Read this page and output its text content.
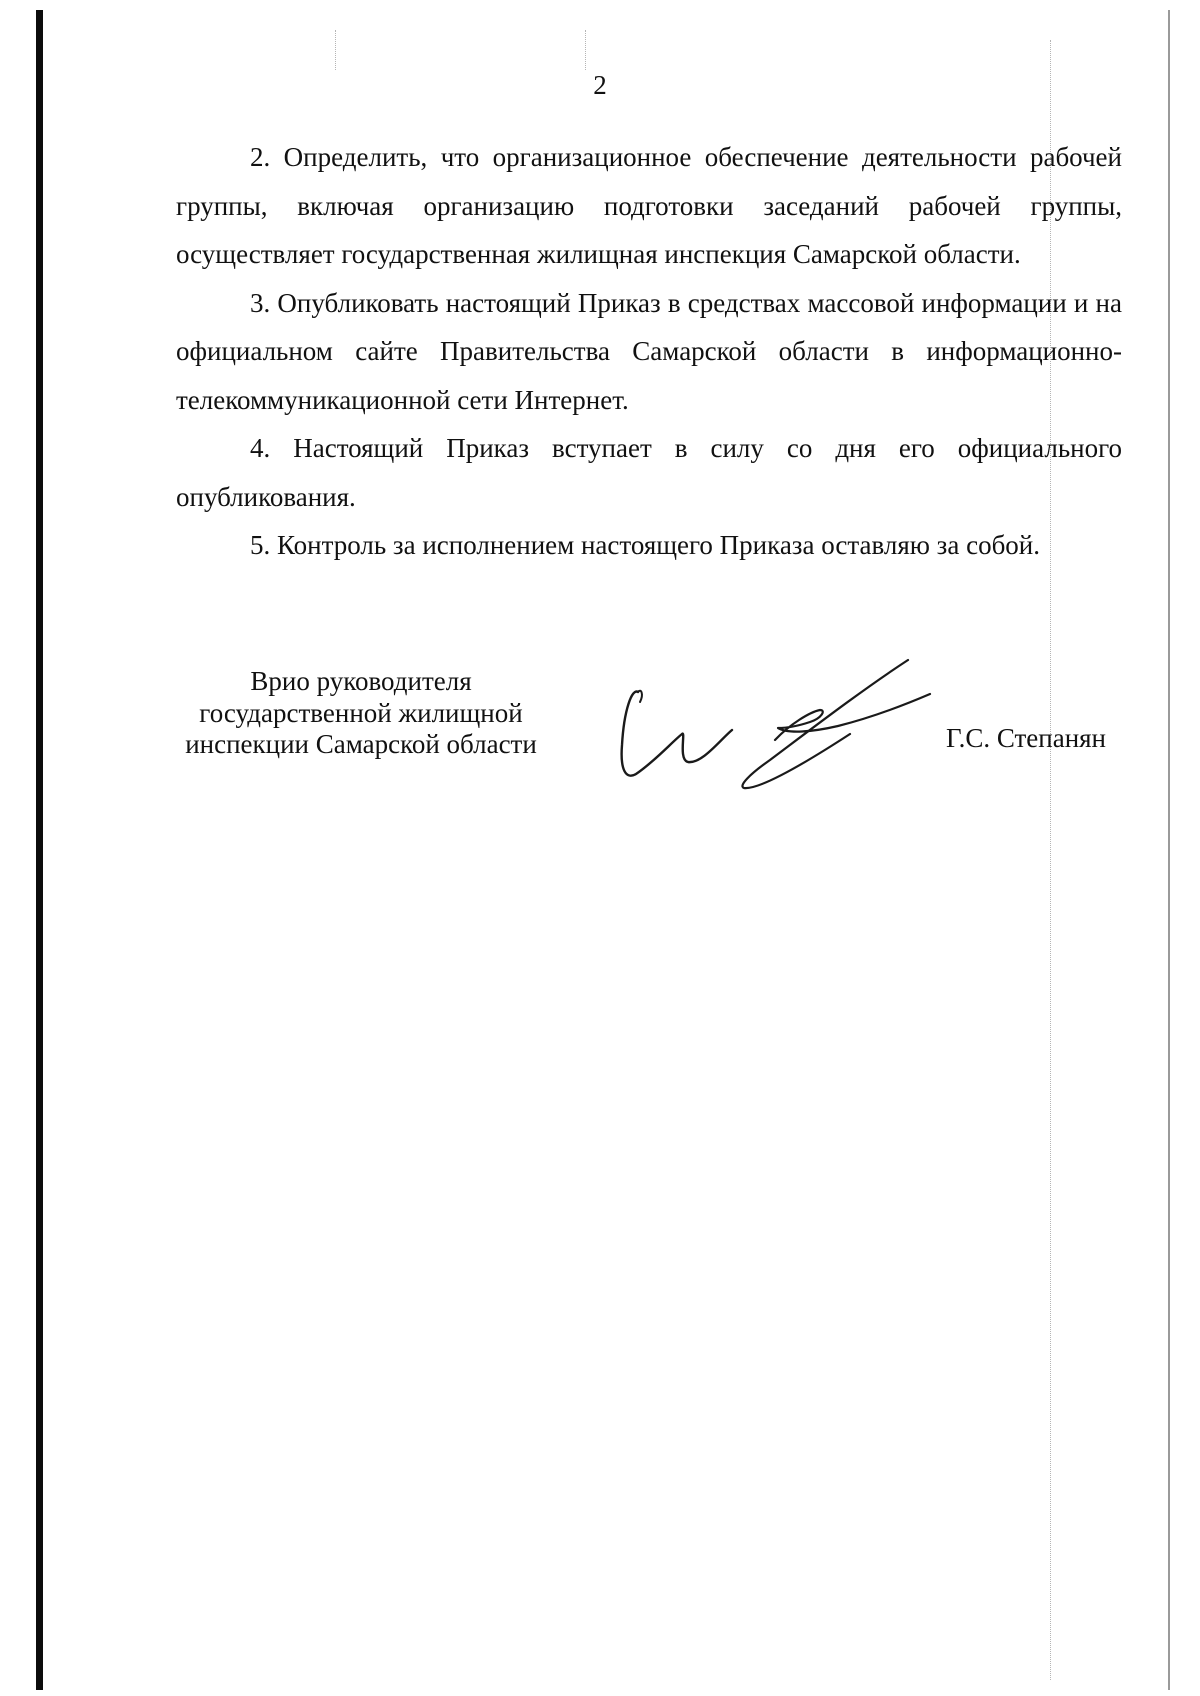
2

2. Определить, что организационное обеспечение деятельности рабочей группы, включая организацию подготовки заседаний рабочей группы, осуществляет государственная жилищная инспекция Самарской области.

3. Опубликовать настоящий Приказ в средствах массовой информации и на официальном сайте Правительства Самарской области в информационно-телекоммуникационной сети Интернет.

4. Настоящий Приказ вступает в силу со дня его официального опубликования.

5. Контроль за исполнением настоящего Приказа оставляю за собой.

Врио руководителя
государственной жилищной
инспекции Самарской области	Г.С. Степанян
